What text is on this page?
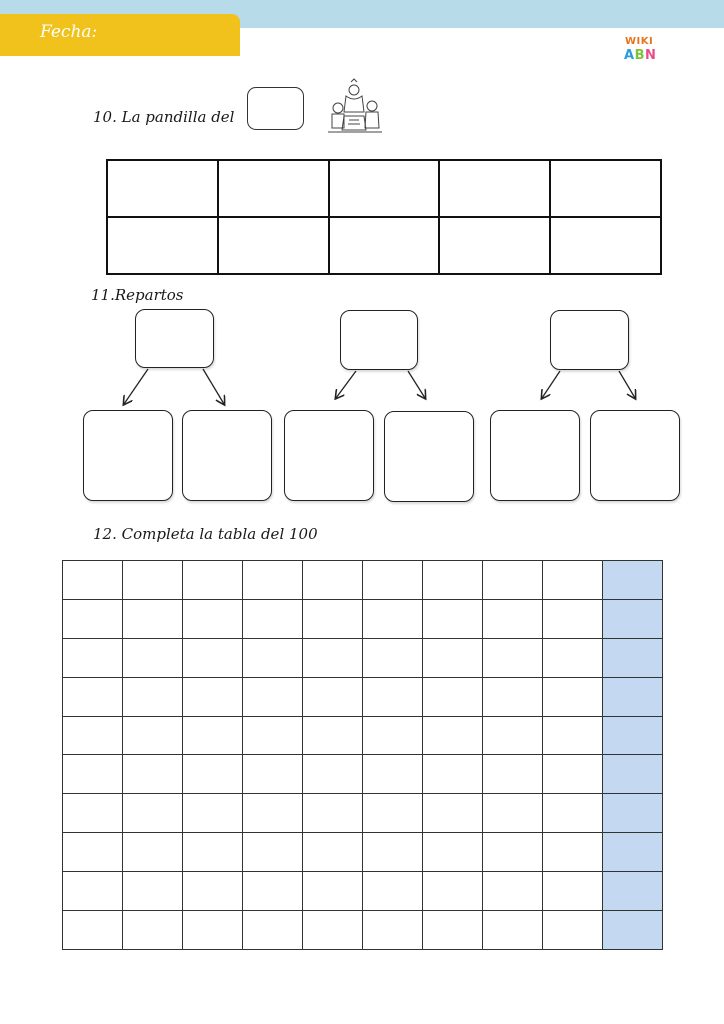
Fecha:	WIKI
ABN
10. La pandilla del

11.Repartos
12. Completa la tabla del 100
